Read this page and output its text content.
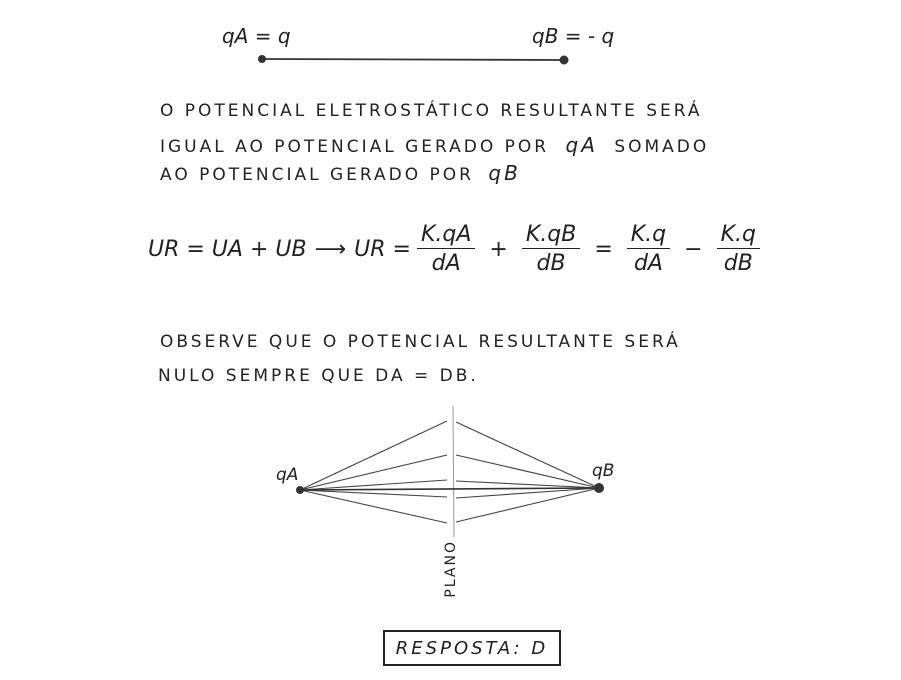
qA = q	qB = - q
O POTENCIAL ELETROSTÁTICO RESULTANTE SERÁ
IGUAL AO POTENCIAL GERADO POR qA SOMADO
AO POTENCIAL GERADO POR qB
UR = UA + UB ⟶ UR = $\frac{K.qA}{dA} + \frac{K.qB}{dB} = \frac{K.q}{dA} - \frac{K.q}{dB}$
OBSERVE QUE O POTENCIAL RESULTANTE SERÁ
NULO SEMPRE QUE DA = DB.
qA	qB
PLANO
RESPOSTA: D
